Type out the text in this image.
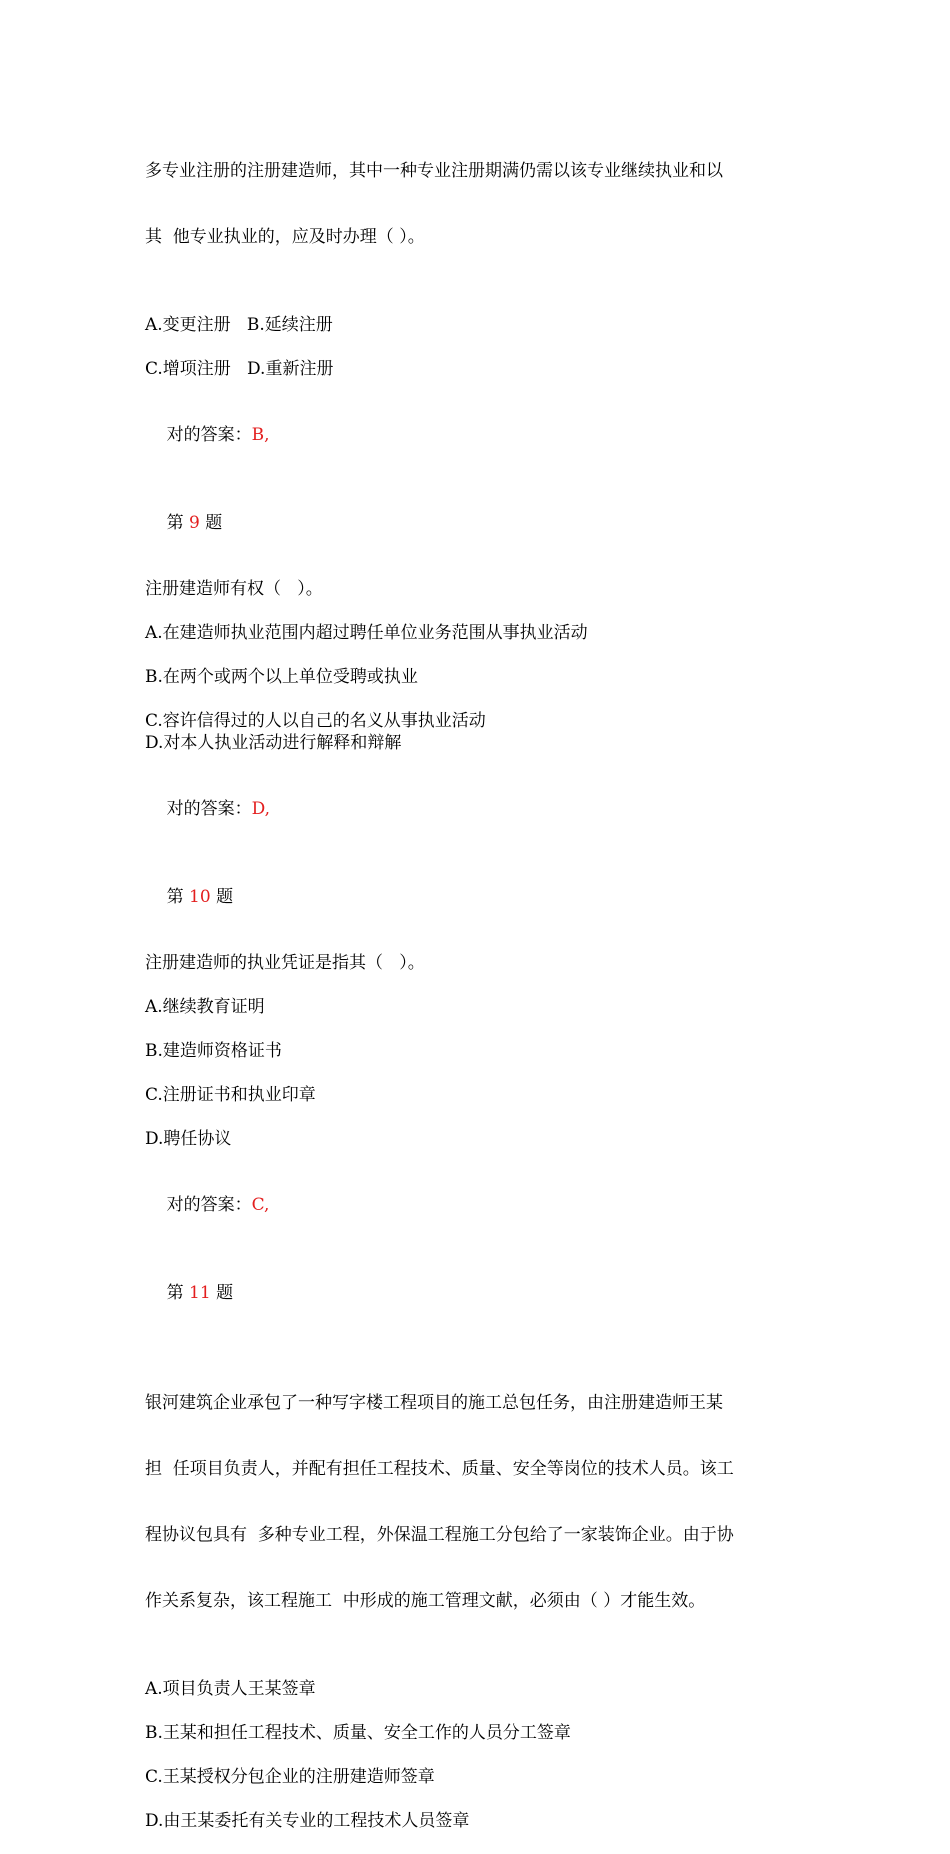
多专业注册的注册建造师，其中一种专业注册期满仍需以该专业继续执业和以

其  他专业执业的，应及时办理（ ）。

A.变更注册   B.延续注册
C.增项注册   D.重新注册

对的答案：B,

第 9 题

注册建造师有权（   ）。
A.在建造师执业范围内超过聘任单位业务范围从事执业活动
B.在两个或两个以上单位受聘或执业
C.容许信得过的人以自己的名义从事执业活动
D.对本人执业活动进行解释和辩解

对的答案：D,

第 10 题

注册建造师的执业凭证是指其（   ）。
A.继续教育证明
B.建造师资格证书
C.注册证书和执业印章
D.聘任协议

对的答案：C,

第 11 题

银河建筑企业承包了一种写字楼工程项目的施工总包任务，由注册建造师王某

担  任项目负责人，并配有担任工程技术、质量、安全等岗位的技术人员。该工

程协议包具有  多种专业工程，外保温工程施工分包给了一家装饰企业。由于协

作关系复杂，该工程施工  中形成的施工管理文献，必须由（ ）才能生效。

A.项目负责人王某签章
B.王某和担任工程技术、质量、安全工作的人员分工签章
C.王某授权分包企业的注册建造师签章
D.由王某委托有关专业的工程技术人员签章
